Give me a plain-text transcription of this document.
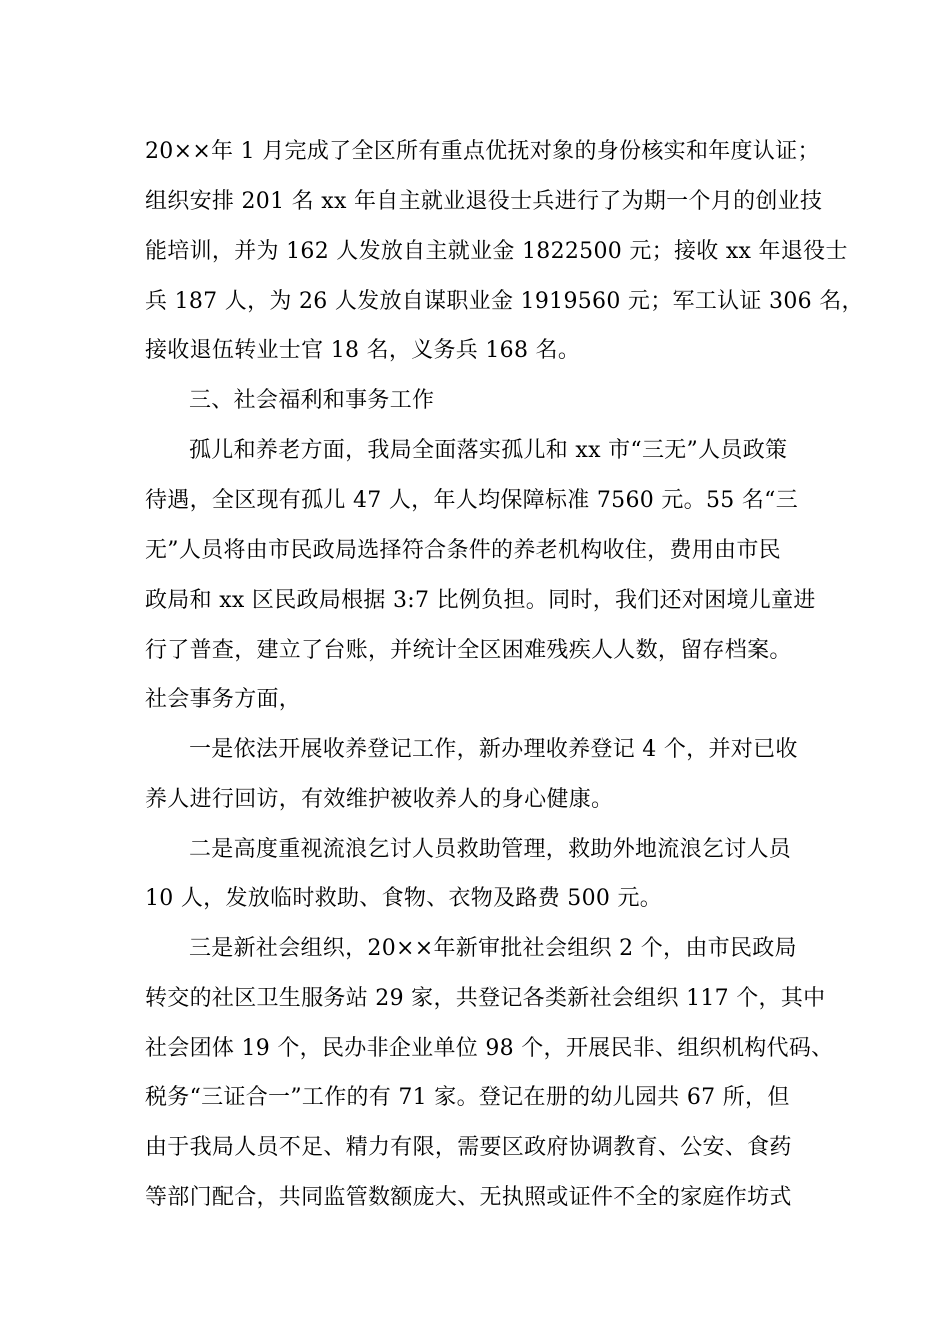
20××年 1 月完成了全区所有重点优抚对象的身份核实和年度认证；
组织安排 201 名 xx 年自主就业退役士兵进行了为期一个月的创业技
能培训，并为 162 人发放自主就业金 1822500 元；接收 xx 年退役士
兵 187 人，为 26 人发放自谋职业金 1919560 元；军工认证 306 名，
接收退伍转业士官 18 名，义务兵 168 名。
三、社会福利和事务工作
孤儿和养老方面，我局全面落实孤儿和 xx 市“三无”人员政策
待遇，全区现有孤儿 47 人，年人均保障标准 7560 元。55 名“三
无”人员将由市民政局选择符合条件的养老机构收住，费用由市民
政局和 xx 区民政局根据 3:7 比例负担。同时，我们还对困境儿童进
行了普查，建立了台账，并统计全区困难残疾人人数，留存档案。
社会事务方面，
一是依法开展收养登记工作，新办理收养登记 4 个，并对已收
养人进行回访，有效维护被收养人的身心健康。
二是高度重视流浪乞讨人员救助管理，救助外地流浪乞讨人员
10 人，发放临时救助、食物、衣物及路费 500 元。
三是新社会组织，20××年新审批社会组织 2 个，由市民政局
转交的社区卫生服务站 29 家，共登记各类新社会组织 117 个，其中
社会团体 19 个，民办非企业单位 98 个，开展民非、组织机构代码、
税务“三证合一”工作的有 71 家。登记在册的幼儿园共 67 所，但
由于我局人员不足、精力有限，需要区政府协调教育、公安、食药
等部门配合，共同监管数额庞大、无执照或证件不全的家庭作坊式
